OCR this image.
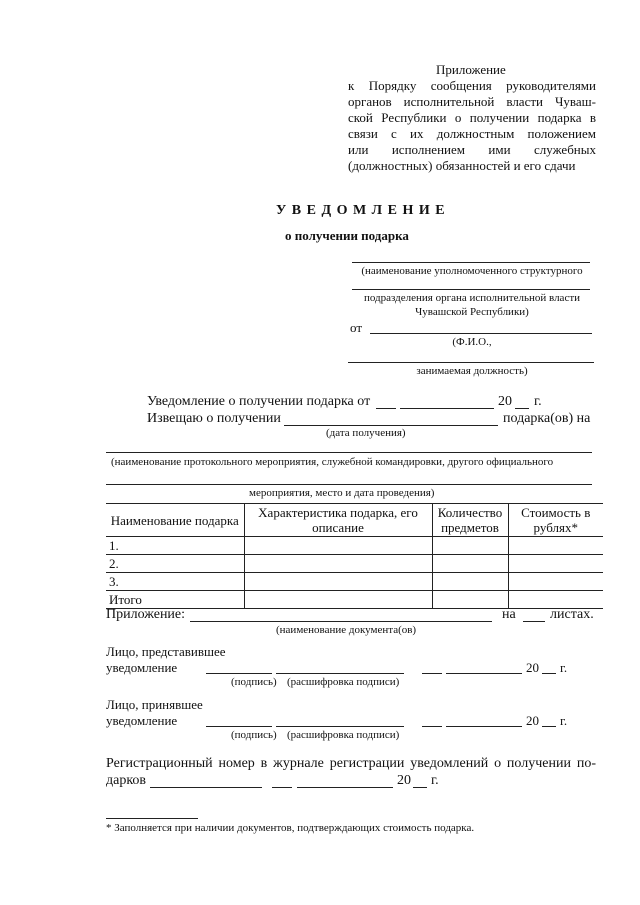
Приложение
к Порядку сообщения руководителями
органов исполнительной власти Чуваш-
ской Республики о получении подарка в
связи с их должностным положением
или исполнением ими служебных
(должностных) обязанностей и его сдачи
У В Е Д О М Л Е Н И Е
о получении подарка
(наименование уполномоченного структурного
подразделения органа исполнительной власти
Чувашской Республики)
от
(Ф.И.О.,
занимаемая должность)
Уведомление о получении подарка от	20 г.
Извещаю о получении	подарка(ов) на
(дата получения)
(наименование протокольного мероприятия, служебной командировки, другого официального
мероприятия, место и дата проведения)
Наименование подарка	Характеристика подарка, его описание	Количество предметов	Стоимость в рублях*
1.			
2.			
3.			
Итого			
Приложение:	на листах.
(наименование документа(ов)
Лицо, представившее
уведомление	20 г.
(подпись) (расшифровка подписи)
Лицо, принявшее
уведомление	20 г.
(подпись) (расшифровка подписи)
Регистрационный номер в журнале регистрации уведомлений о получении по-
дарков	20 г.
* Заполняется при наличии документов, подтверждающих стоимость подарка.
